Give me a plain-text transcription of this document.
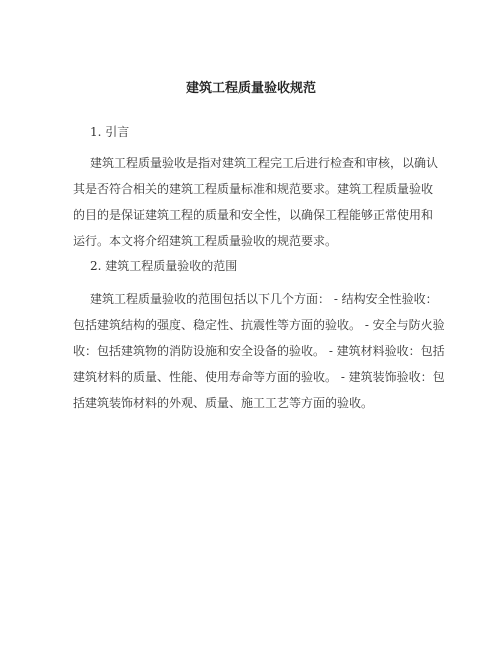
建筑工程质量验收规范

1. 引言

建筑工程质量验收是指对建筑工程完工后进行检查和审核，以确认
其是否符合相关的建筑工程质量标准和规范要求。建筑工程质量验收
的目的是保证建筑工程的质量和安全性，以确保工程能够正常使用和
运行。本文将介绍建筑工程质量验收的规范要求。

2. 建筑工程质量验收的范围

建筑工程质量验收的范围包括以下几个方面： - 结构安全性验收：
包括建筑结构的强度、稳定性、抗震性等方面的验收。 - 安全与防火验
收：包括建筑物的消防设施和安全设备的验收。 - 建筑材料验收：包括
建筑材料的质量、性能、使用寿命等方面的验收。 - 建筑装饰验收：包
括建筑装饰材料的外观、质量、施工工艺等方面的验收。
